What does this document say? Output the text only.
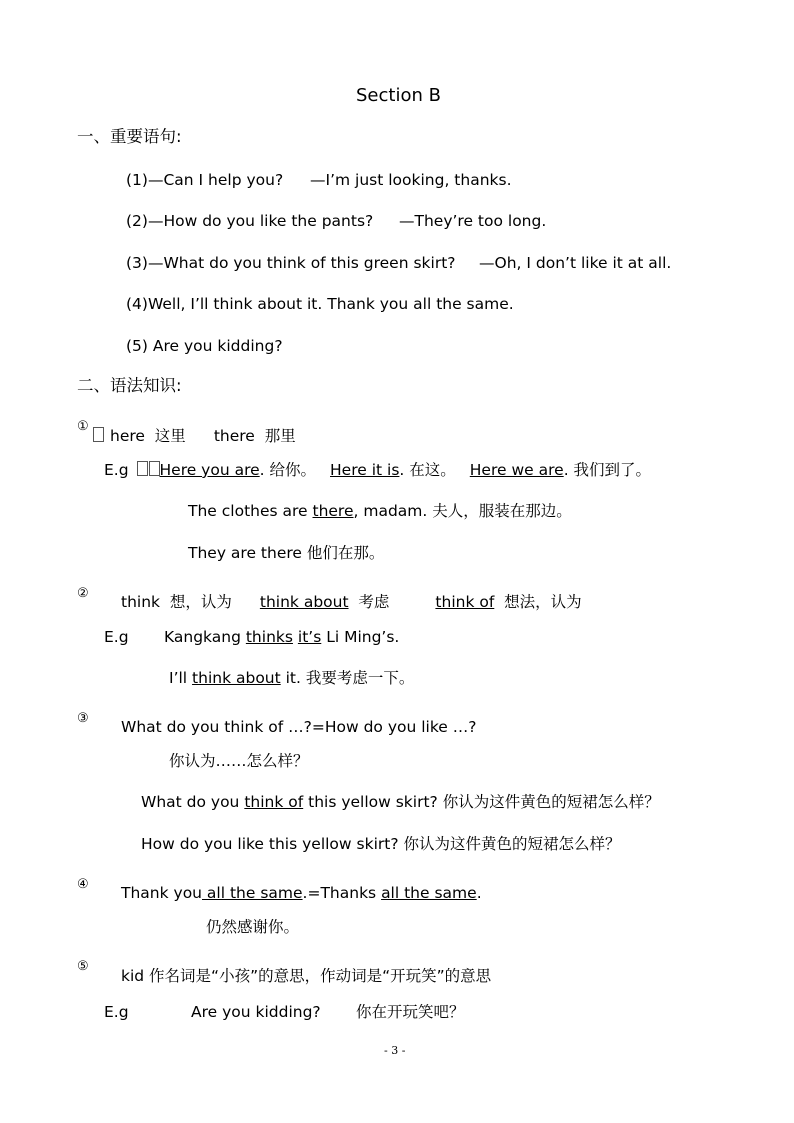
Section B
一、重要语句:
(1)—Can I help you? —I’m just looking, thanks.
(2)—How do you like the pants? —They’re too long.
(3)—What do you think of this green skirt? —Oh, I don’t like it at all.
(4)Well, I’ll think about it. Thank you all the same.
(5) Are you kidding?
二、语法知识:
①
here 这里 there 那里
E.g Here you are. 给你。 Here it is. 在这。 Here we are. 我们到了。
The clothes are there, madam. 夫人，服装在那边。
They are there 他们在那。
② think 想，认为 think about 考虑	think of 想法，认为
E.g Kangkang thinks it’s Li Ming’s.
I’ll think about it. 我要考虑一下。
③ What do you think of …?=How do you like …?
你认为……怎么样？
What do you think of this yellow skirt? 你认为这件黄色的短裙怎么样？
How do you like this yellow skirt? 你认为这件黄色的短裙怎么样？
④ Thank you all the same.=Thanks all the same.
仍然感谢你。
⑤
kid 作名词是“小孩”的意思，作动词是“开玩笑”的意思
E.g	Are you kidding? 你在开玩笑吧？
- 3 -
